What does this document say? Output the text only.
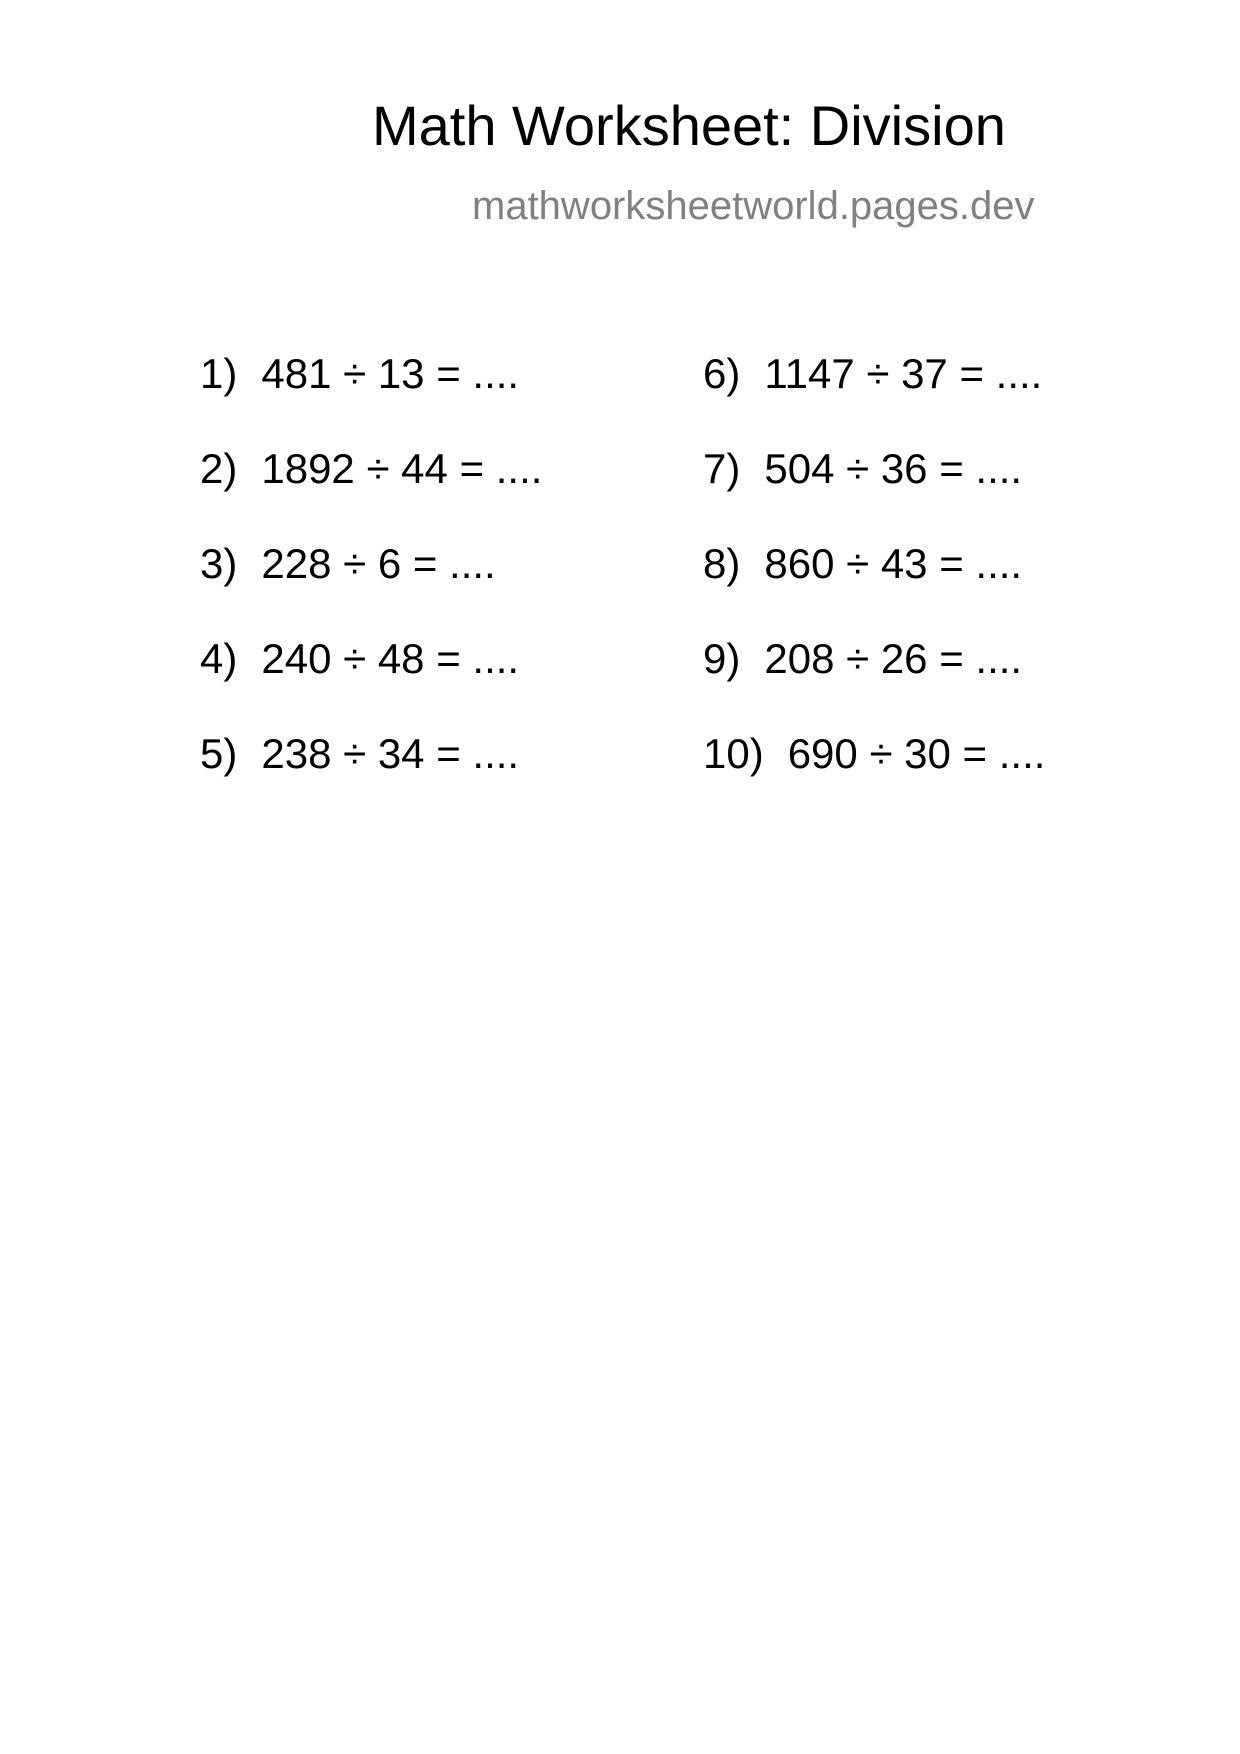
Math Worksheet: Division
mathworksheetworld.pages.dev
1) 481 ÷ 13 = ....
2) 1892 ÷ 44 = ....
3) 228 ÷ 6 = ....
4) 240 ÷ 48 = ....
5) 238 ÷ 34 = ....
6) 1147 ÷ 37 = ....
7) 504 ÷ 36 = ....
8) 860 ÷ 43 = ....
9) 208 ÷ 26 = ....
10) 690 ÷ 30 = ....
